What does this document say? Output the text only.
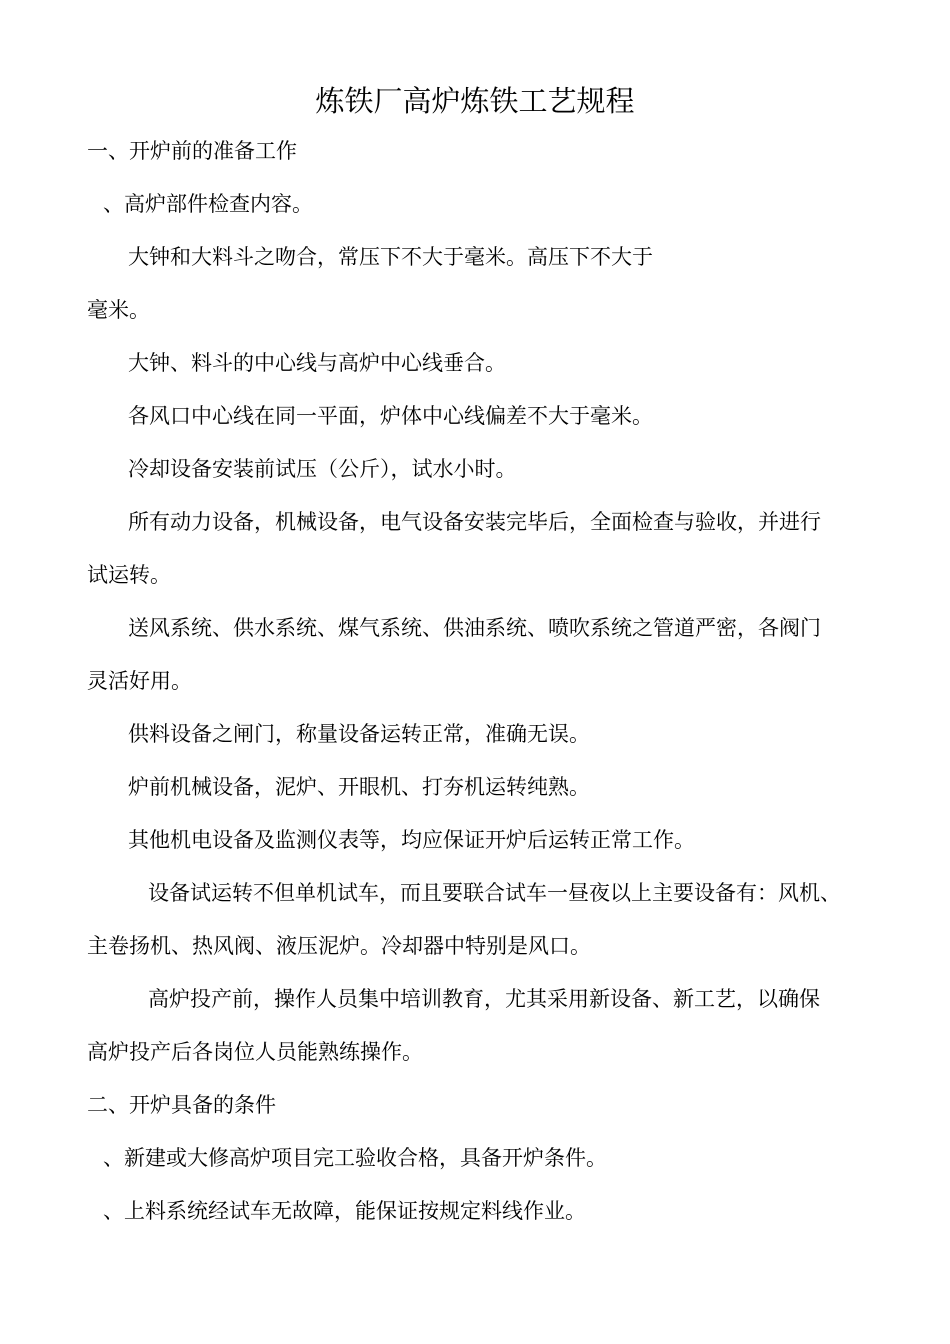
炼铁厂高炉炼铁工艺规程
一、开炉前的准备工作
、高炉部件检查内容。
大钟和大料斗之吻合，常压下不大于毫米。高压下不大于
毫米。
大钟、料斗的中心线与高炉中心线垂合。
各风口中心线在同一平面，炉体中心线偏差不大于毫米。
冷却设备安装前试压（公斤），试水小时。
所有动力设备，机械设备，电气设备安装完毕后，全面检查与验收，并进行
试运转。
送风系统、供水系统、煤气系统、供油系统、喷吹系统之管道严密，各阀门
灵活好用。
供料设备之闸门，称量设备运转正常，准确无误。
炉前机械设备，泥炉、开眼机、打夯机运转纯熟。
其他机电设备及监测仪表等，均应保证开炉后运转正常工作。
设备试运转不但单机试车，而且要联合试车一昼夜以上主要设备有：风机、
主卷扬机、热风阀、液压泥炉。冷却器中特别是风口。
高炉投产前，操作人员集中培训教育，尤其采用新设备、新工艺，以确保
高炉投产后各岗位人员能熟练操作。
二、开炉具备的条件
、新建或大修高炉项目完工验收合格，具备开炉条件。
、上料系统经试车无故障，能保证按规定料线作业。
